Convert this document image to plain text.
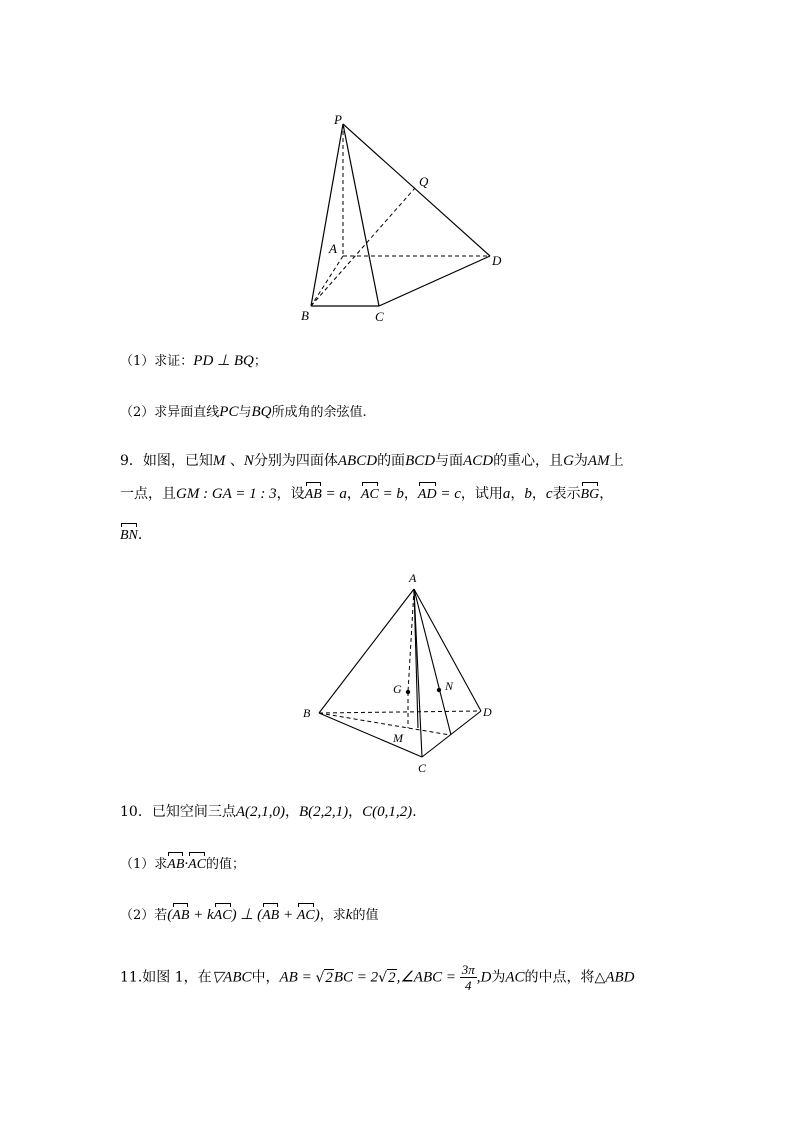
P
Q
A
D
B	C
（1）求证：PD ⊥ BQ；
（2）求异面直线PC与BQ所成角的余弦值.
9．如图，已知M 、N分别为四面体ABCD的面BCD与面ACD的重心，且G为AM上
一点，且GM : GA = 1 : 3，设AB = a，AC = b，AD = c，试用a，b，c表示BG，
BN.
A
G	N
B	D
M
C
10．已知空间三点A(2,1,0)，B(2,2,1)，C(0,1,2).
（1）求AB·AC的值；
（2）若(AB + kAC) ⊥ (AB + AC)，求k的值
11.如图 1，在▽ABC中，AB = √2BC = 2√2,∠ABC = $\frac{3\pi}{4} ,D$为AC的中点，将△ABD
